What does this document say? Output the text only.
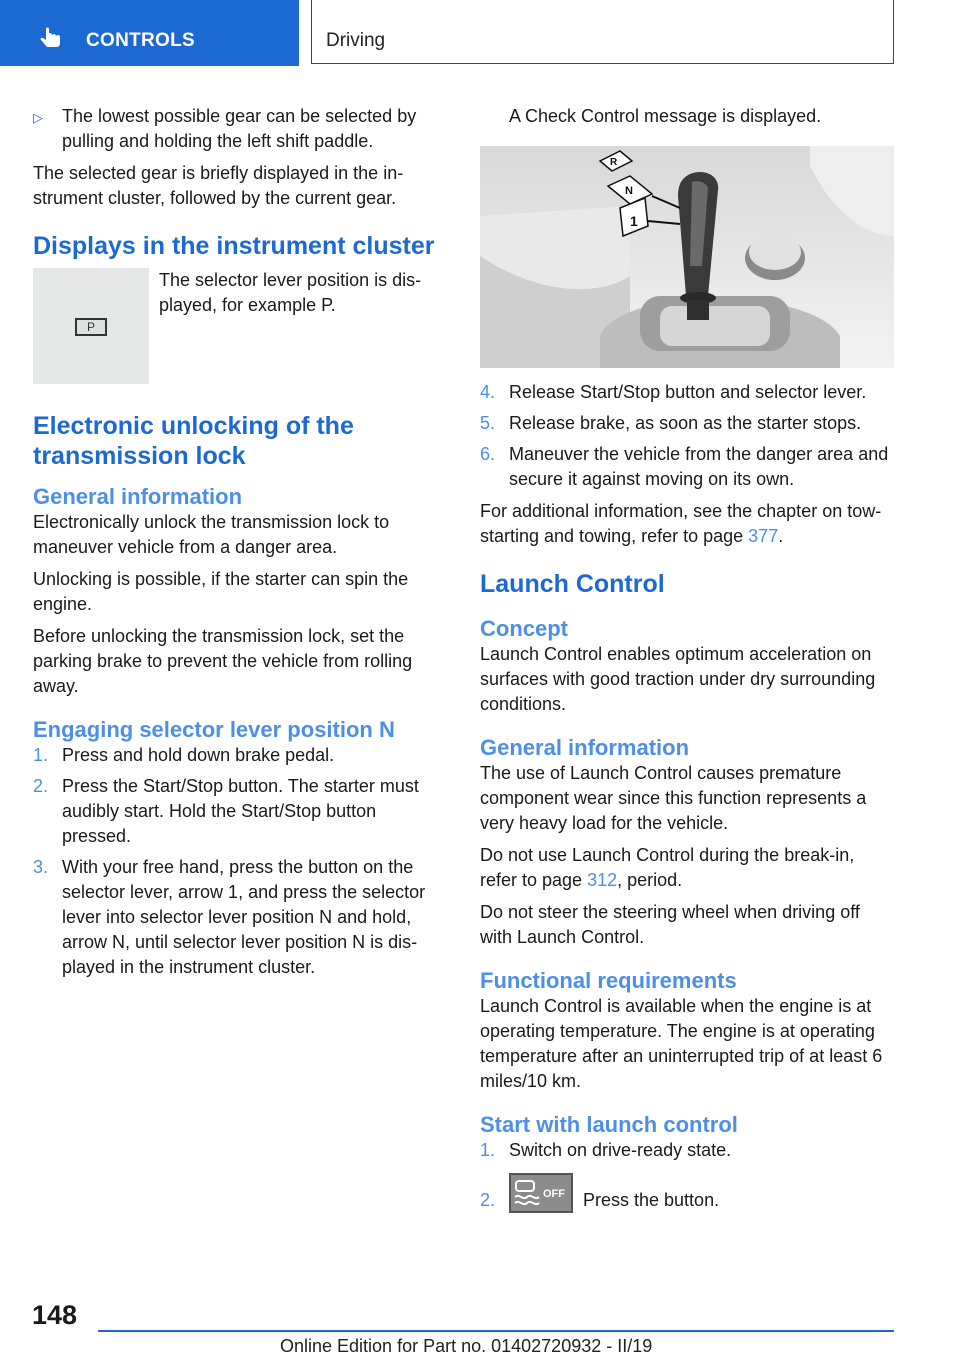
CONTROLS	Driving
▷	The lowest possible gear can be selected by pulling and holding the left shift paddle.

The selected gear is briefly displayed in the instrument cluster, followed by the current gear.

Displays in the instrument cluster
P
The selector lever position is displayed, for example P.
Electronic unlocking of the transmission lock
General information

Electronically unlock the transmission lock to maneuver vehicle from a danger area.

Unlocking is possible, if the starter can spin the engine.

Before unlocking the transmission lock, set the parking brake to prevent the vehicle from rolling away.

Engaging selector lever position N
1. Press and hold down brake pedal.
2. Press the Start/Stop button. The starter must audibly start. Hold the Start/Stop button pressed.
3. With your free hand, press the button on the selector lever, arrow 1, and press the selector lever into selector lever position N and hold, arrow N, until selector lever position N is displayed in the instrument cluster.

A Check Control message is displayed.

R
N
1
4. Release Start/Stop button and selector lever.
5. Release brake, as soon as the starter stops.
6. Maneuver the vehicle from the danger area and secure it against moving on its own.

For additional information, see the chapter on tow-starting and towing, refer to page 377.

Launch Control
Concept

Launch Control enables optimum acceleration on surfaces with good traction under dry surrounding conditions.

General information

The use of Launch Control causes premature component wear since this function represents a very heavy load for the vehicle.

Do not use Launch Control during the break-in, refer to page 312, period.

Do not steer the steering wheel when driving off with Launch Control.

Functional requirements

Launch Control is available when the engine is at operating temperature. The engine is at operating temperature after an uninterrupted trip of at least 6 miles/10 km.

Start with launch control
1. Switch on drive-ready state.
2.	OFF Press the button.
148
Online Edition for Part no. 01402720932 - II/19
